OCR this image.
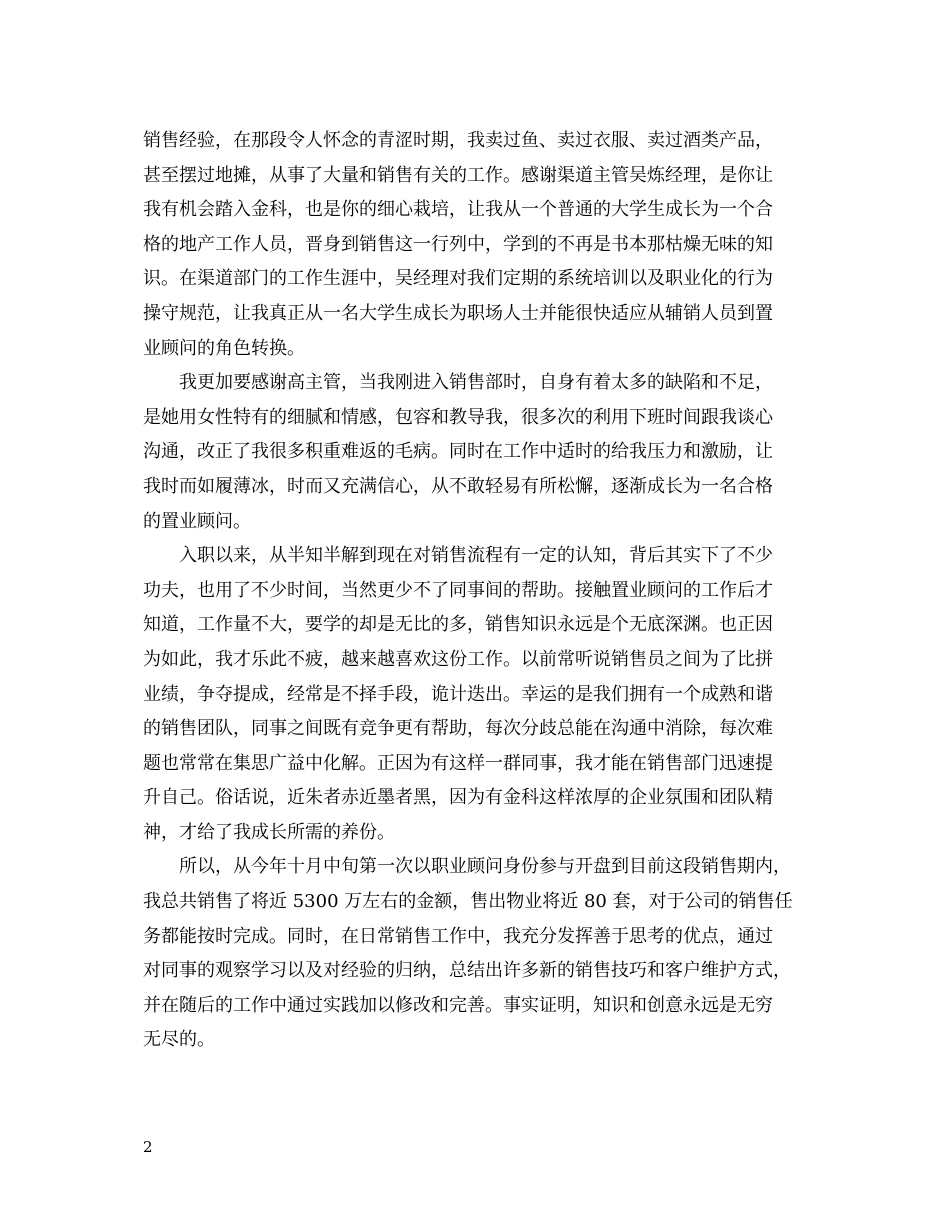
销售经验，在那段令人怀念的青涩时期，我卖过鱼、卖过衣服、卖过酒类产品，
甚至摆过地摊，从事了大量和销售有关的工作。感谢渠道主管吴炼经理，是你让
我有机会踏入金科，也是你的细心栽培，让我从一个普通的大学生成长为一个合
格的地产工作人员，晋身到销售这一行列中，学到的不再是书本那枯燥无味的知
识。在渠道部门的工作生涯中，吴经理对我们定期的系统培训以及职业化的行为
操守规范，让我真正从一名大学生成长为职场人士并能很快适应从辅销人员到置
业顾问的角色转换。
　　我更加要感谢高主管，当我刚进入销售部时，自身有着太多的缺陷和不足，
是她用女性特有的细腻和情感，包容和教导我，很多次的利用下班时间跟我谈心
沟通，改正了我很多积重难返的毛病。同时在工作中适时的给我压力和激励，让
我时而如履薄冰，时而又充满信心，从不敢轻易有所松懈，逐渐成长为一名合格
的置业顾问。
　　入职以来，从半知半解到现在对销售流程有一定的认知，背后其实下了不少
功夫，也用了不少时间，当然更少不了同事间的帮助。接触置业顾问的工作后才
知道，工作量不大，要学的却是无比的多，销售知识永远是个无底深渊。也正因
为如此，我才乐此不疲，越来越喜欢这份工作。以前常听说销售员之间为了比拼
业绩，争夺提成，经常是不择手段，诡计迭出。幸运的是我们拥有一个成熟和谐
的销售团队，同事之间既有竞争更有帮助，每次分歧总能在沟通中消除，每次难
题也常常在集思广益中化解。正因为有这样一群同事，我才能在销售部门迅速提
升自己。俗话说，近朱者赤近墨者黑，因为有金科这样浓厚的企业氛围和团队精
神，才给了我成长所需的养份。
　　所以，从今年十月中旬第一次以职业顾问身份参与开盘到目前这段销售期内，
我总共销售了将近 5300 万左右的金额，售出物业将近 80 套，对于公司的销售任
务都能按时完成。同时，在日常销售工作中，我充分发挥善于思考的优点，通过
对同事的观察学习以及对经验的归纳，总结出许多新的销售技巧和客户维护方式，
并在随后的工作中通过实践加以修改和完善。事实证明，知识和创意永远是无穷
无尽的。
2
